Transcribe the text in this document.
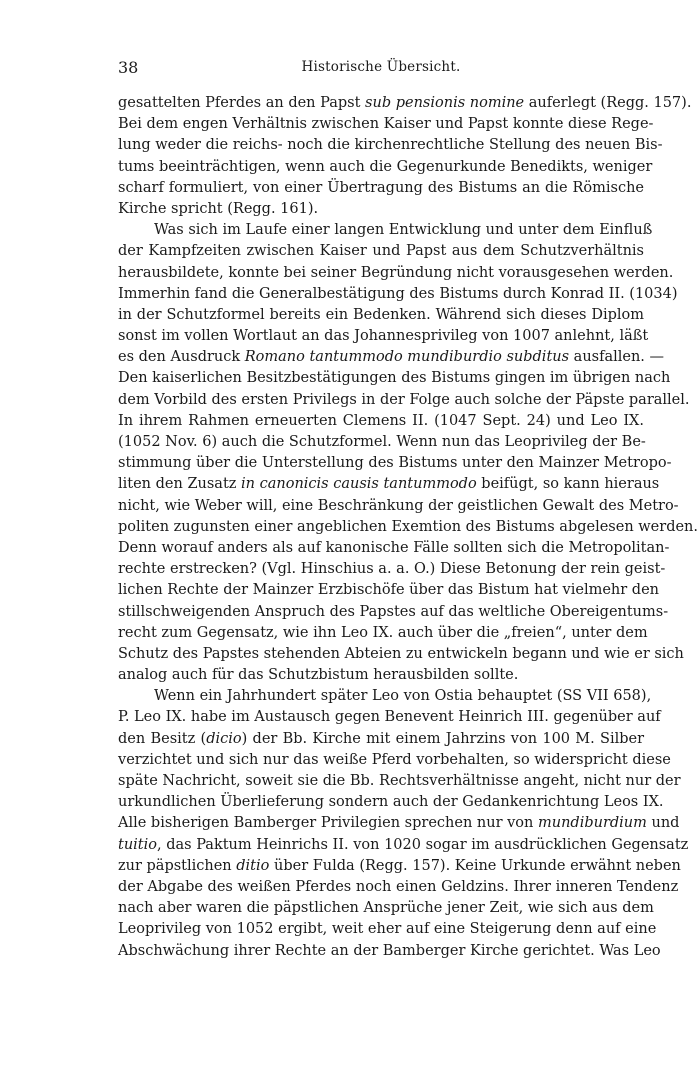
38	Historische Übersicht.
gesattelten Pferdes an den Papst sub pensionis nomine auferlegt (Regg. 157).
Bei dem engen Verhältnis zwischen Kaiser und Papst konnte diese Rege-
lung weder die reichs- noch die kirchenrechtliche Stellung des neuen Bis-
tums beeinträchtigen, wenn auch die Gegenurkunde Benedikts, weniger
scharf formuliert, von einer Übertragung des Bistums an die Römische
Kirche spricht (Regg. 161).
Was sich im Laufe einer langen Entwicklung und unter dem Einfluß
der Kampfzeiten zwischen Kaiser und Papst aus dem Schutzverhältnis
herausbildete, konnte bei seiner Begründung nicht vorausgesehen werden.
Immerhin fand die Generalbestätigung des Bistums durch Konrad II. (1034)
in der Schutzformel bereits ein Bedenken. Während sich dieses Diplom
sonst im vollen Wortlaut an das Johannesprivileg von 1007 anlehnt, läßt
es den Ausdruck Romano tantummodo mundiburdio subditus ausfallen. —
Den kaiserlichen Besitzbestätigungen des Bistums gingen im übrigen nach
dem Vorbild des ersten Privilegs in der Folge auch solche der Päpste parallel.
In ihrem Rahmen erneuerten Clemens II. (1047 Sept. 24) und Leo IX.
(1052 Nov. 6) auch die Schutzformel. Wenn nun das Leoprivileg der Be-
stimmung über die Unterstellung des Bistums unter den Mainzer Metropo-
liten den Zusatz in canonicis causis tantummodo beifügt, so kann hieraus
nicht, wie Weber will, eine Beschränkung der geistlichen Gewalt des Metro-
politen zugunsten einer angeblichen Exemtion des Bistums abgelesen werden.
Denn worauf anders als auf kanonische Fälle sollten sich die Metropolitan-
rechte erstrecken? (Vgl. Hinschius a. a. O.) Diese Betonung der rein geist-
lichen Rechte der Mainzer Erzbischöfe über das Bistum hat vielmehr den
stillschweigenden Anspruch des Papstes auf das weltliche Obereigentums-
recht zum Gegensatz, wie ihn Leo IX. auch über die „freien“, unter dem
Schutz des Papstes stehenden Abteien zu entwickeln begann und wie er sich
analog auch für das Schutzbistum herausbilden sollte.
Wenn ein Jahrhundert später Leo von Ostia behauptet (SS VII 658),
P. Leo IX. habe im Austausch gegen Benevent Heinrich III. gegenüber auf
den Besitz (dicio) der Bb. Kirche mit einem Jahrzins von 100 M. Silber
verzichtet und sich nur das weiße Pferd vorbehalten, so widerspricht diese
späte Nachricht, soweit sie die Bb. Rechtsverhältnisse angeht, nicht nur der
urkundlichen Überlieferung sondern auch der Gedankenrichtung Leos IX.
Alle bisherigen Bamberger Privilegien sprechen nur von mundiburdium und
tuitio, das Paktum Heinrichs II. von 1020 sogar im ausdrücklichen Gegensatz
zur päpstlichen ditio über Fulda (Regg. 157). Keine Urkunde erwähnt neben
der Abgabe des weißen Pferdes noch einen Geldzins. Ihrer inneren Tendenz
nach aber waren die päpstlichen Ansprüche jener Zeit, wie sich aus dem
Leoprivileg von 1052 ergibt, weit eher auf eine Steigerung denn auf eine
Abschwächung ihrer Rechte an der Bamberger Kirche gerichtet. Was Leo
